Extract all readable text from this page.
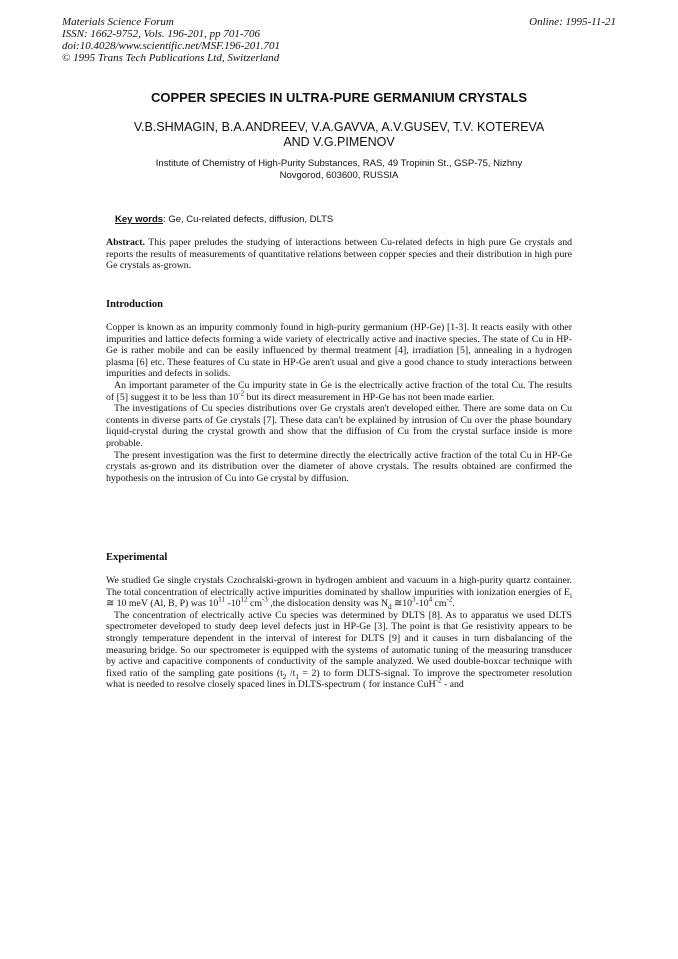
Materials Science Forum
ISSN: 1662-9752, Vols. 196-201, pp 701-706
doi:10.4028/www.scientific.net/MSF.196-201.701
© 1995 Trans Tech Publications Ltd, Switzerland
Online: 1995-11-21
COPPER SPECIES IN ULTRA-PURE GERMANIUM CRYSTALS
V.B.SHMAGIN, B.A.ANDREEV, V.A.GAVVA, A.V.GUSEV, T.V. KOTEREVA
AND V.G.PIMENOV
Institute of Chemistry of High-Purity Substances, RAS, 49 Tropinin St., GSP-75, Nizhny
Novgorod, 603600, RUSSIA
Key words: Ge, Cu-related defects, diffusion, DLTS

Abstract. This paper preludes the studying of interactions between Cu-related defects in high pure Ge crystals and reports the results of measurements of quantitative relations between copper species and their distribution in high pure Ge crystals as-grown.

Introduction

Copper is known as an impurity commonly found in high-purity germanium (HP-Ge) [1-3]. It reacts easily with other impurities and lattice defects forming a wide variety of electrically active and inactive species. The state of Cu in HP-Ge is rather mobile and can be easily influenced by thermal treatment [4], irradiation [5], annealing in a hydrogen plasma [6] etc. These features of Cu state in HP-Ge aren't usual and give a good chance to study interactions between impurities and defects in solids.

An important parameter of the Cu impurity state in Ge is the electrically active fraction of the total Cu. The results of [5] suggest it to be less than $10^{-2}$ but its direct measurement in HP-Ge has not been made earlier.

The investigations of Cu species distributions over Ge crystals aren't developed either. There are some data on Cu contents in diverse parts of Ge crystals [7]. These data can't be explained by intrusion of Cu over the phase boundary liquid-crystal during the crystal growth and show that the diffusion of Cu from the crystal surface inside is more probable.

The present investigation was the first to determine directly the electrically active fraction of the total Cu in HP-Ge crystals as-grown and its distribution over the diameter of above crystals. The results obtained are confirmed the hypothesis on the intrusion of Cu into Ge crystal by diffusion.

Experimental

We studied Ge single crystals Czochralski-grown in hydrogen ambient and vacuum in a high-purity quartz container. The total concentration of electrically active impurities dominated by shallow impurities with ionization energies of $E_i$ ≅ 10 meV (Al, B, P) was $10^{11}$ $-10^{12}$ $cm^{-3}$ ,the dislocation density was $N_d$ $≅10^3-10^4$ $cm^{-2}$.

The concentration of electrically active Cu species was determined by DLTS [8]. As to apparatus we used DLTS spectrometer developed to study deep level defects just in HP-Ge [3]. The point is that Ge resistivity appears to be strongly temperature dependent in the interval of interest for DLTS [9] and it causes in turn disbalancing of the measuring bridge. So our spectrometer is equipped with the systems of automatic tuning of the measuring transducer by active and capacitive components of conductivity of the sample analyzed. We used double-boxcar technique with fixed ratio of the sampling gate positions ($t_2$ $/t_1 = 2$) to form DLTS-signal. To improve the spectrometer resolution what is needed to resolve closely spaced lines in DLTS-spectrum ( for instance CuH$^{-2}$ - and
